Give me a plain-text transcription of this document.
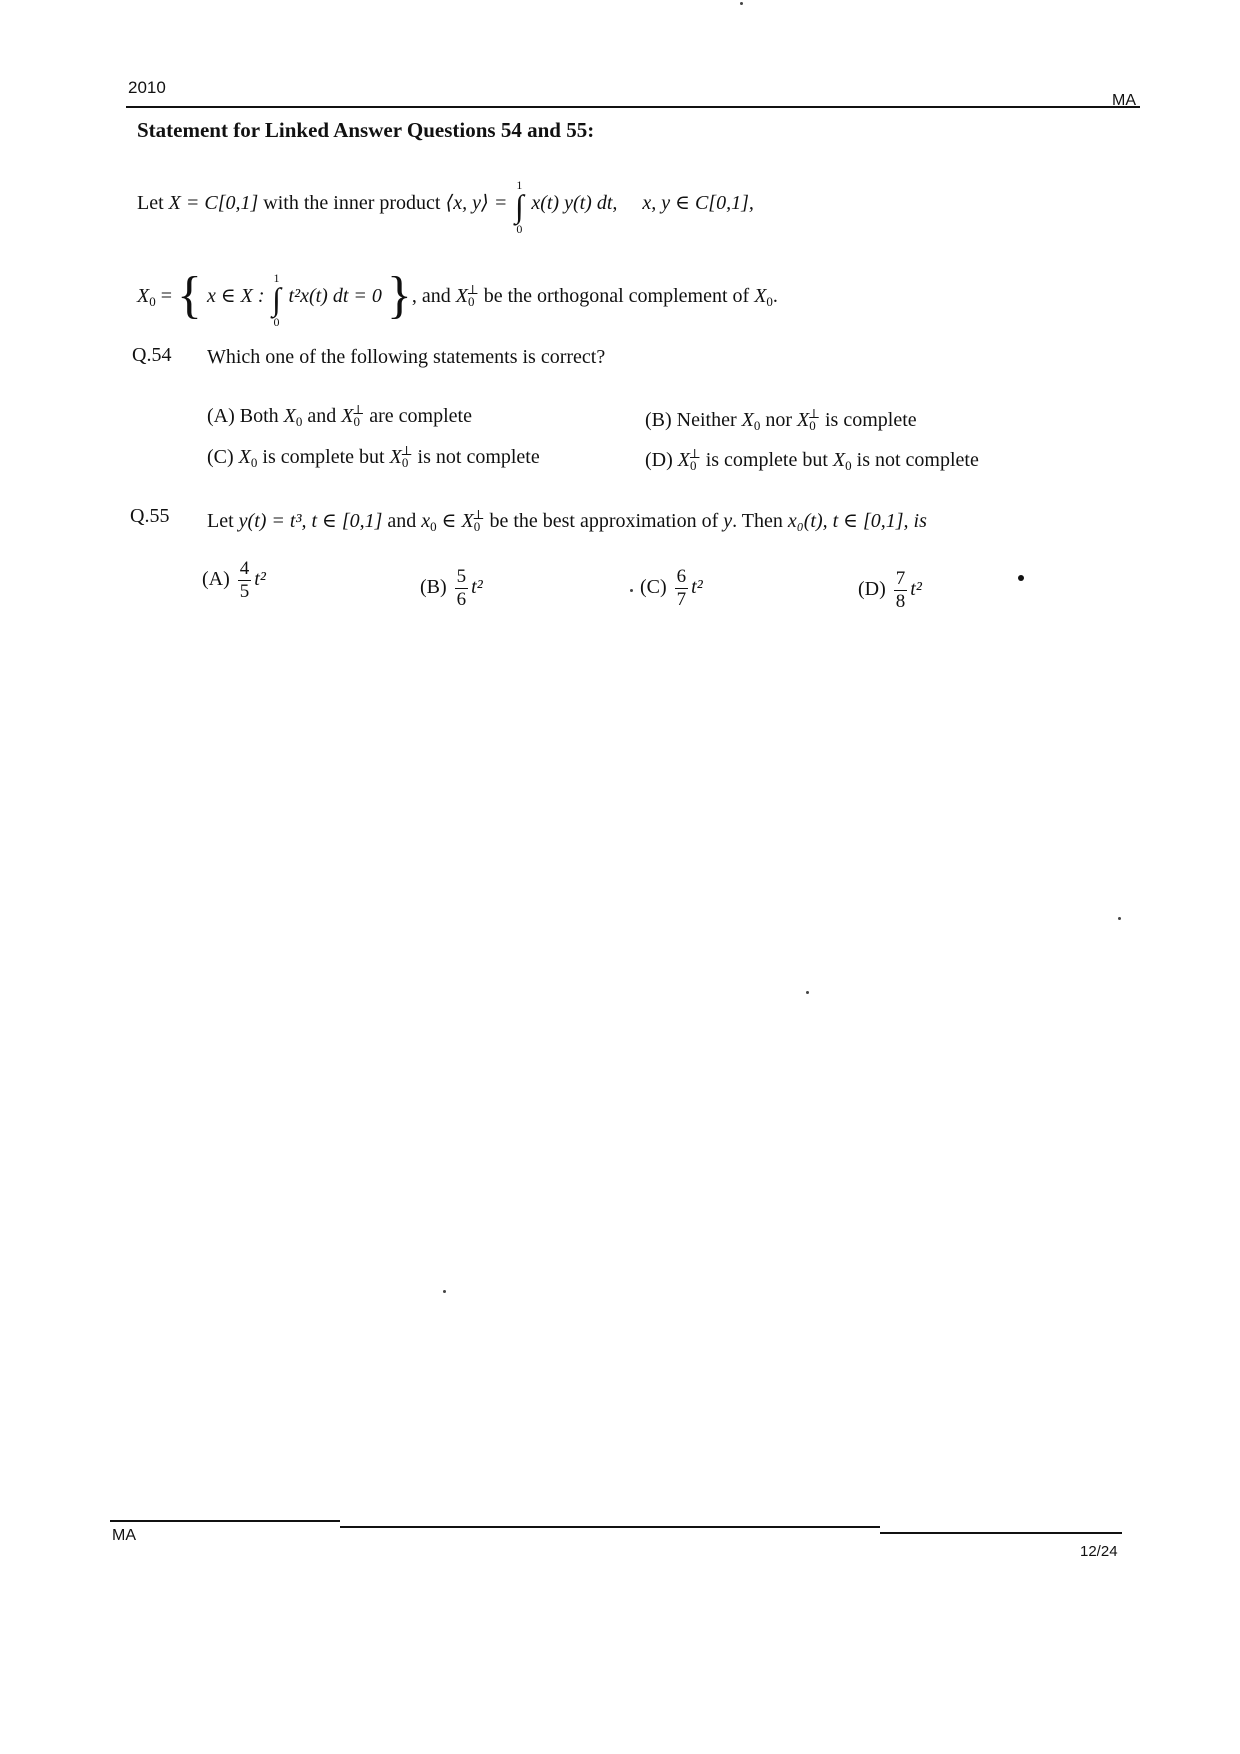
2010
MA
Statement for Linked Answer Questions 54 and 55:
Let X = C[0,1] with the inner product ⟨x, y⟩ = ∫
1
0
x(t) y(t) dt, x, y ∈ C[0,1],
$X_0$ = { x ∈ X : ∫
1
0
t²x(t) dt = 0 }, and $X_0^\perp$ be the orthogonal complement of $X_0$.
Q.54 Which one of the following statements is correct?
(A) Both $X_0$ and $X_0^\perp$ are complete	(B) Neither $X_0$ nor $X_0^\perp$ is complete
(C) $X_0$ is complete but $X_0^\perp$ is not complete	(D) $X_0^\perp$ is complete but $X_0$ is not complete
Q.55 Let y(t) = t³, t ∈ [0,1] and $x_0$ ∈ $X_0^\perp$ be the best approximation of y. Then x₀(t), t ∈ [0,1], is
$(A) \frac{4}{5} t^2$	$(B) \frac{5}{6} t^2$	$(C) \frac{6}{7} t^2$	$(D) \frac{7}{8} t^2$
MA
12/24
